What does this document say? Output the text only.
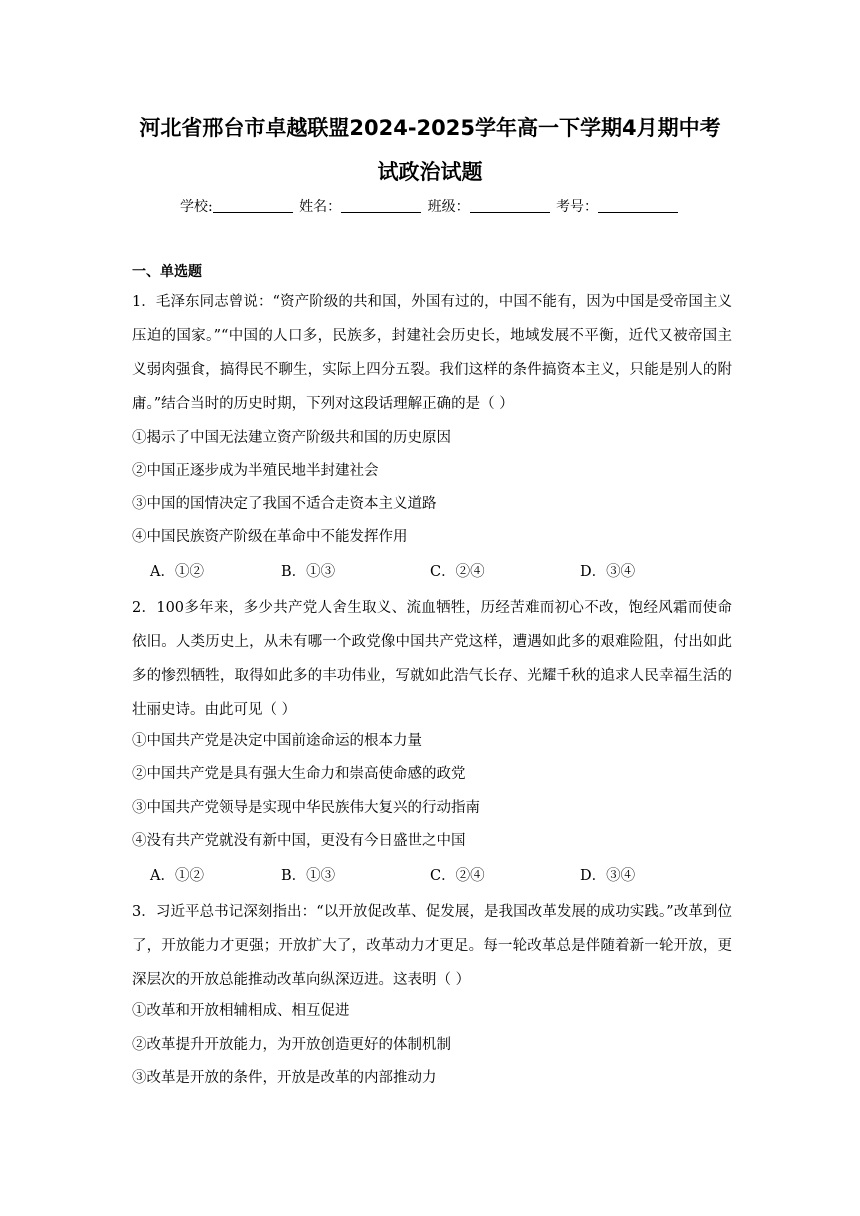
河北省邢台市卓越联盟2024-2025学年高一下学期4月期中考
试政治试题
学校:	姓名：	班级：	考号：
一、单选题
1．毛泽东同志曾说：“资产阶级的共和国，外国有过的，中国不能有，因为中国是受帝国主义压迫的国家。”“中国的人口多，民族多，封建社会历史长，地域发展不平衡，近代又被帝国主义弱肉强食，搞得民不聊生，实际上四分五裂。我们这样的条件搞资本主义，只能是别人的附庸。”结合当时的历史时期，下列对这段话理解正确的是（ ）
①揭示了中国无法建立资产阶级共和国的历史原因
②中国正逐步成为半殖民地半封建社会
③中国的国情决定了我国不适合走资本主义道路
④中国民族资产阶级在革命中不能发挥作用
A．①②	B．①③	C．②④	D．③④
2．100多年来，多少共产党人舍生取义、流血牺牲，历经苦难而初心不改，饱经风霜而使命依旧。人类历史上，从未有哪一个政党像中国共产党这样，遭遇如此多的艰难险阻，付出如此多的惨烈牺牲，取得如此多的丰功伟业，写就如此浩气长存、光耀千秋的追求人民幸福生活的壮丽史诗。由此可见（ ）
①中国共产党是决定中国前途命运的根本力量
②中国共产党是具有强大生命力和崇高使命感的政党
③中国共产党领导是实现中华民族伟大复兴的行动指南
④没有共产党就没有新中国，更没有今日盛世之中国
A．①②	B．①③	C．②④	D．③④
3．习近平总书记深刻指出：“以开放促改革、促发展，是我国改革发展的成功实践。”改革到位了，开放能力才更强；开放扩大了，改革动力才更足。每一轮改革总是伴随着新一轮开放，更深层次的开放总能推动改革向纵深迈进。这表明（ ）
①改革和开放相辅相成、相互促进
②改革提升开放能力，为开放创造更好的体制机制
③改革是开放的条件，开放是改革的内部推动力
